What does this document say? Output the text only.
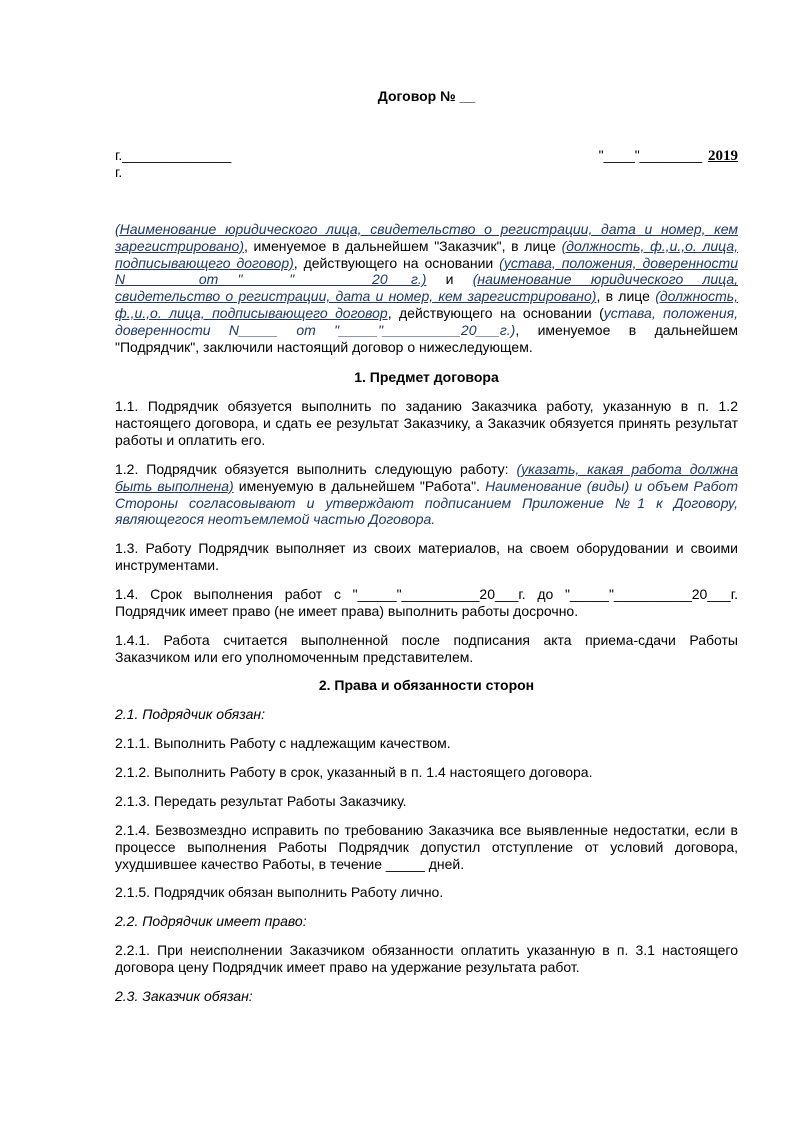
Договор № __
г.______________
г.
"____"________ 2019
(Наименование юридического лица, свидетельство о регистрации, дата и номер, кем зарегистрировано), именуемое в дальнейшем "Заказчик", в лице (должность, ф.,и.,о. лица, подписывающего договор), действующего на основании (устава, положения, доверенности N_______ от "______"__________20___г.) и (наименование юридического лица, свидетельство о регистрации, дата и номер, кем зарегистрировано), в лице (должность, ф.,и.,о. лица, подписывающего договор, действующего на основании (устава, положения, доверенности N_____ от "_____"__________20___г.), именуемое в дальнейшем "Подрядчик", заключили настоящий договор о нижеследующем.
1. Предмет договора
1.1. Подрядчик обязуется выполнить по заданию Заказчика работу, указанную в п. 1.2 настоящего договора, и сдать ее результат Заказчику, а Заказчик обязуется принять результат работы и оплатить его.
1.2. Подрядчик обязуется выполнить следующую работу: (указать, какая работа должна быть выполнена) именуемую в дальнейшем "Работа". Наименование (виды) и объем Работ Стороны согласовывают и утверждают подписанием Приложение №1 к Договору, являющегося неотъемлемой частью Договора.
1.3. Работу Подрядчик выполняет из своих материалов, на своем оборудовании и своими инструментами.
1.4. Срок выполнения работ с "_____"__________20___г. до "_____"__________20___г. Подрядчик имеет право (не имеет права) выполнить работы досрочно.
1.4.1. Работа считается выполненной после подписания акта приема-сдачи Работы Заказчиком или его уполномоченным представителем.
2. Права и обязанности сторон
2.1. Подрядчик обязан:
2.1.1. Выполнить Работу с надлежащим качеством.
2.1.2. Выполнить Работу в срок, указанный в п. 1.4 настоящего договора.
2.1.3. Передать результат Работы Заказчику.
2.1.4. Безвозмездно исправить по требованию Заказчика все выявленные недостатки, если в процессе выполнения Работы Подрядчик допустил отступление от условий договора, ухудшившее качество Работы, в течение _____ дней.
2.1.5. Подрядчик обязан выполнить Работу лично.
2.2. Подрядчик имеет право:
2.2.1. При неисполнении Заказчиком обязанности оплатить указанную в п. 3.1 настоящего договора цену Подрядчик имеет право на удержание результата работ.
2.3. Заказчик обязан:
